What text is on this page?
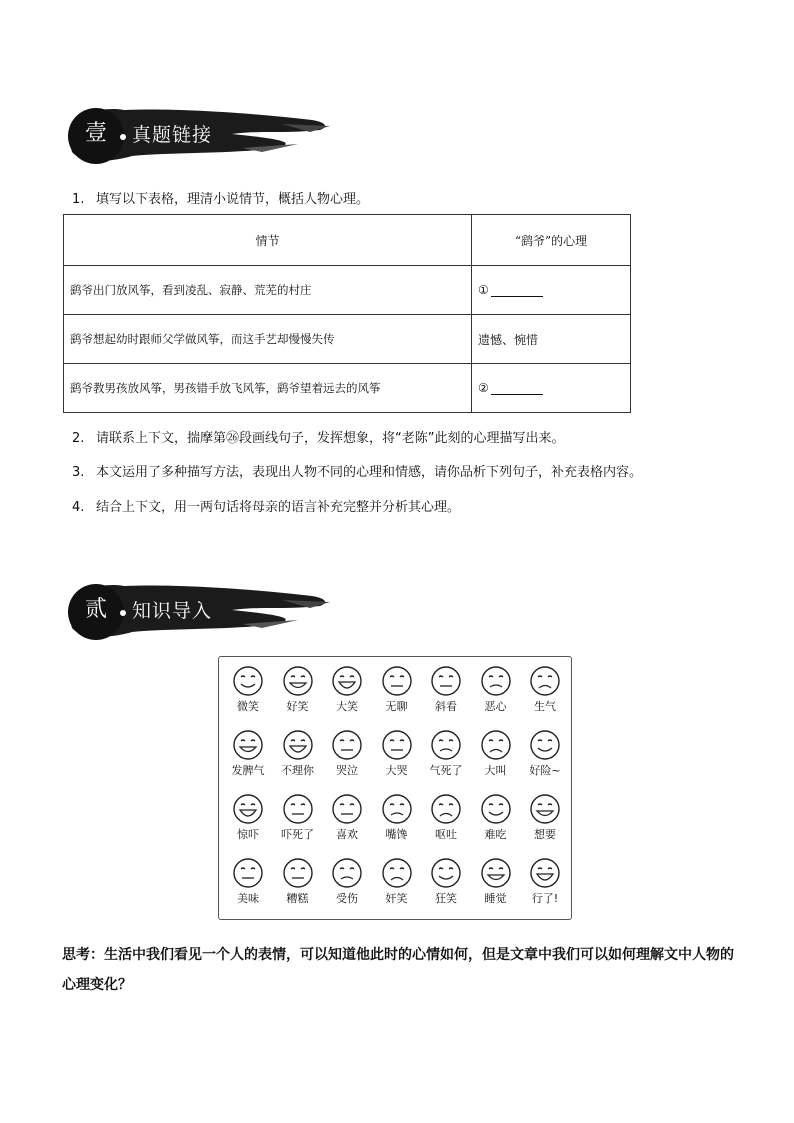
壹	真题链接
1. 填写以下表格，理清小说情节，概括人物心理。
情节	“鹞爷”的心理
鹞爷出门放风筝，看到凌乱、寂静、荒芜的村庄	①
鹞爷想起幼时跟师父学做风筝，而这手艺却慢慢失传	遗憾、惋惜
鹞爷教男孩放风筝，男孩错手放飞风筝，鹞爷望着远去的风筝	②
2. 请联系上下文，揣摩第㉖段画线句子，发挥想象，将“老陈”此刻的心理描写出来。
3. 本文运用了多种描写方法，表现出人物不同的心理和情感，请你品析下列句子，补充表格内容。
4. 结合上下文，用一两句话将母亲的语言补充完整并分析其心理。
贰	知识导入
微笑	好笑	大笑	无聊	斜看	恶心	生气
发脾气	不理你	哭泣	大哭	气死了	大叫	好险~
惊吓	吓死了	喜欢	嘴馋	呕吐	难吃	想要
美味	糟糕	受伤	奸笑	狂笑	睡觉	行了!
思考：生活中我们看见一个人的表情，可以知道他此时的心情如何，但是文章中我们可以如何理解文中人物的心理变化？
